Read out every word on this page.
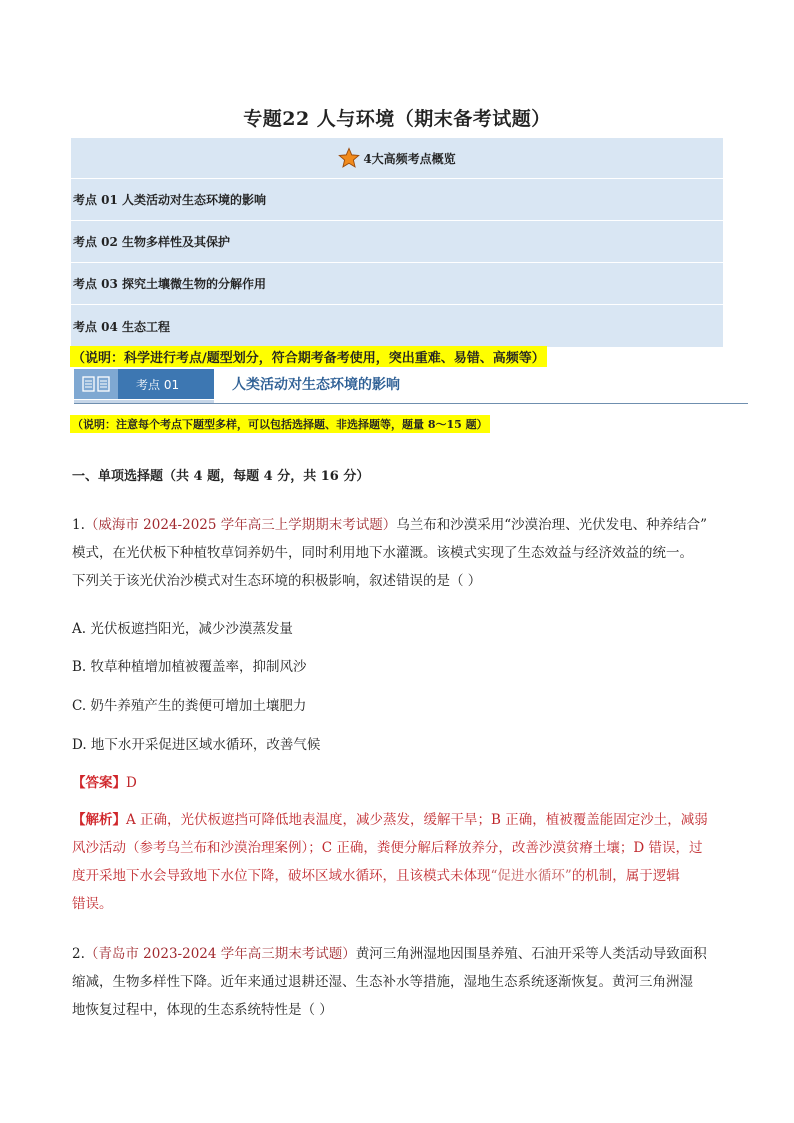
专题22 人与环境（期末备考试题）
4大高频考点概览
考点 01 人类活动对生态环境的影响
考点 02 生物多样性及其保护
考点 03 探究土壤微生物的分解作用
考点 04 生态工程
（说明：科学进行考点/题型划分，符合期考备考使用，突出重难、易错、高频等）
考点 01	人类活动对生态环境的影响
（说明：注意每个考点下题型多样，可以包括选择题、非选择题等，题量 8～15 题）
一、单项选择题（共 4 题，每题 4 分，共 16 分）
1.（威海市 2024-2025 学年高三上学期期末考试题）乌兰布和沙漠采用“沙漠治理、光伏发电、种养结合”
模式，在光伏板下种植牧草饲养奶牛，同时利用地下水灌溉。该模式实现了生态效益与经济效益的统一。
下列关于该光伏治沙模式对生态环境的积极影响，叙述错误的是（ ）
A. 光伏板遮挡阳光，减少沙漠蒸发量
B. 牧草种植增加植被覆盖率，抑制风沙
C. 奶牛养殖产生的粪便可增加土壤肥力
D. 地下水开采促进区域水循环，改善气候
【答案】D
【解析】A 正确，光伏板遮挡可降低地表温度，减少蒸发，缓解干旱；B 正确，植被覆盖能固定沙土，减弱
风沙活动（参考乌兰布和沙漠治理案例）；C 正确，粪便分解后释放养分，改善沙漠贫瘠土壤；D 错误，过
度开采地下水会导致地下水位下降，破坏区域水循环，且该模式未体现“促进水循环”的机制，属于逻辑
错误。
2.（青岛市 2023-2024 学年高三期末考试题）黄河三角洲湿地因围垦养殖、石油开采等人类活动导致面积
缩减，生物多样性下降。近年来通过退耕还湿、生态补水等措施，湿地生态系统逐渐恢复。黄河三角洲湿
地恢复过程中，体现的生态系统特性是（ ）
